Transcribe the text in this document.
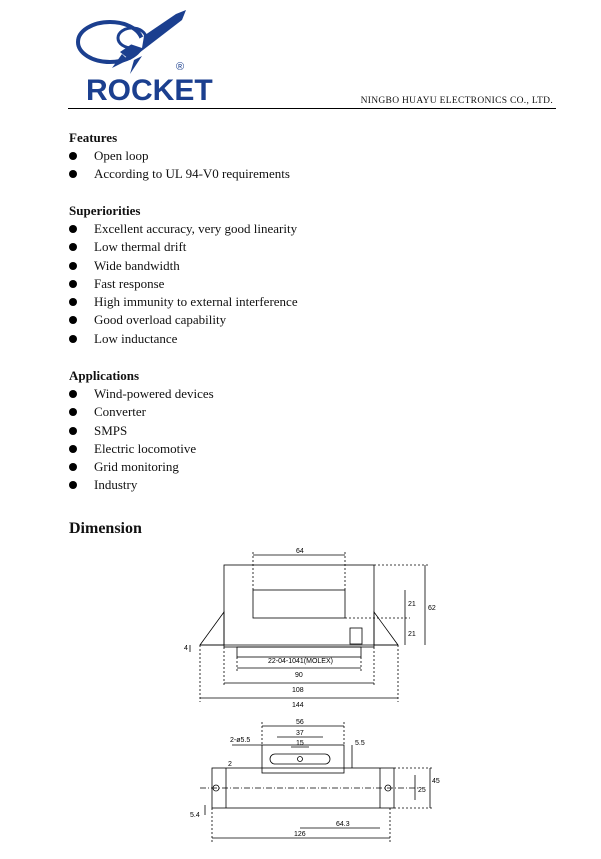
ROCKET
®
NINGBO HUAYU ELECTRONICS CO., LTD.
Features
Open loop
According to UL 94-V0 requirements
Superiorities
Excellent accuracy, very good linearity
Low thermal drift
Wide bandwidth
Fast response
High immunity to external interference
Good overload capability
Low inductance
Applications
Wind-powered devices
Converter
SMPS
Electric locomotive
Grid monitoring
Industry
Dimension
64
21
21
62
4
22-04-1041(MOLEX)
90
108
144
56
37
15
2-ø5.5	5.5
2
25
45
5.4
64.3
126
